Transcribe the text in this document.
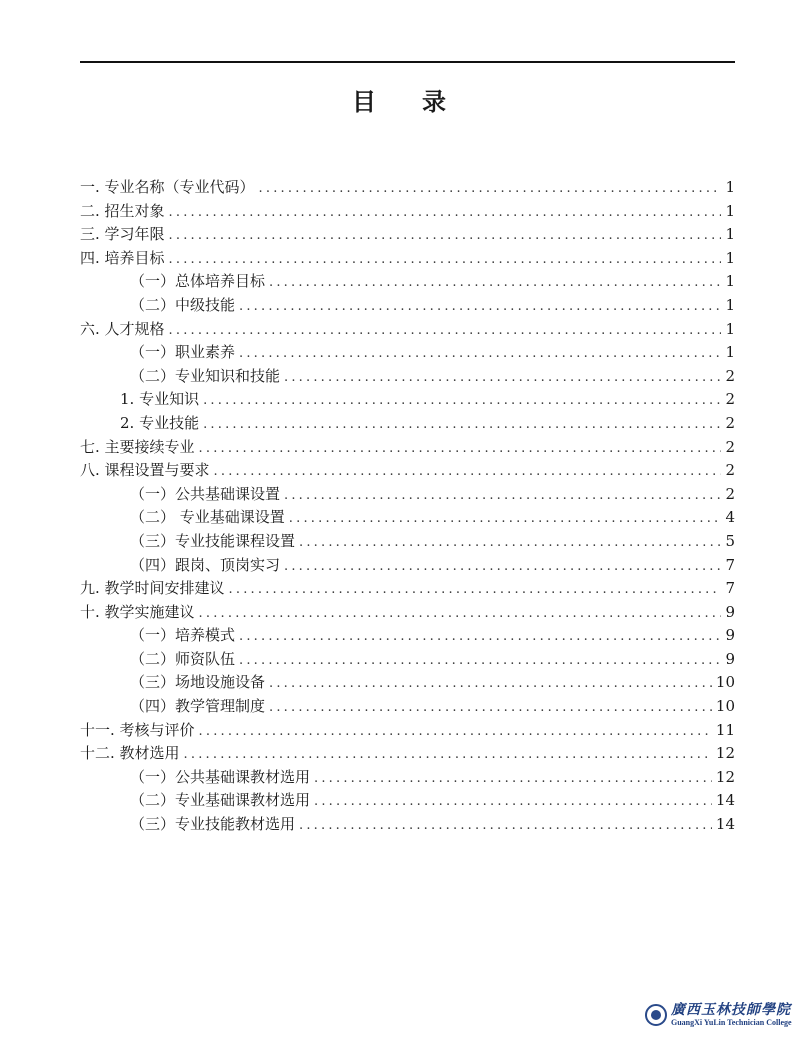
目 录
一. 专业名称（专业代码） .....	1
二. 招生对象 .....	1
三. 学习年限 .....	1
四. 培养目标 .....	1
（一）总体培养目标 .....	1
（二）中级技能 .....	1
六. 人才规格 .....	1
（一）职业素养 .....	1
（二）专业知识和技能 .....	2
1. 专业知识 .....	2
2. 专业技能 .....	2
七. 主要接续专业 .....	2
八. 课程设置与要求 .....	2
（一）公共基础课设置 .....	2
（二） 专业基础课设置 .....	4
（三）专业技能课程设置 .....	5
（四）跟岗、顶岗实习 .....	7
九. 教学时间安排建议 .....	7
十. 教学实施建议 .....	9
（一）培养模式 .....	9
（二）师资队伍 .....	9
（三）场地设施设备 .....	10
（四）教学管理制度 .....	10
十一. 考核与评价 .....	11
十二. 教材选用 .....	12
（一）公共基础课教材选用 .....	12
（二）专业基础课教材选用 .....	14
（三）专业技能教材选用 .....	14
廣西玉林技師學院
GuangXi YuLin Technician College
